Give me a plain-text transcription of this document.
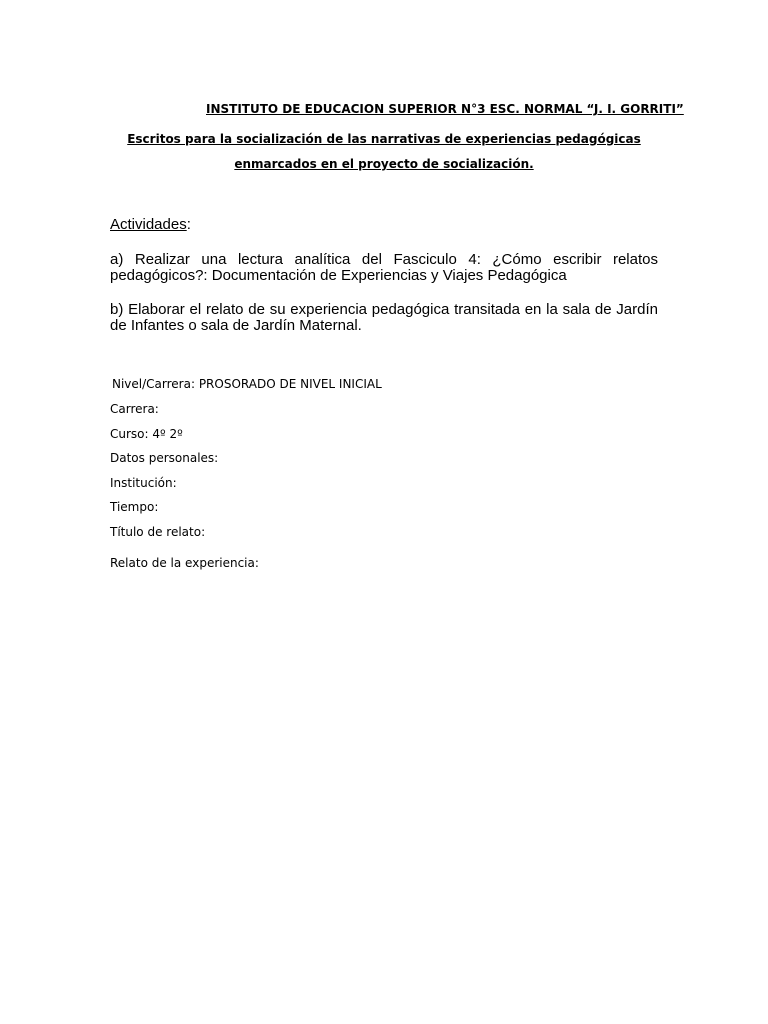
INSTITUTO DE EDUCACION SUPERIOR N°3 ESC. NORMAL “J. I. GORRITI”
Escritos para la socialización de las narrativas de experiencias pedagógicas enmarcados en el proyecto de socialización.
Actividades:
a) Realizar una lectura analítica del Fasciculo 4: ¿Cómo escribir relatos pedagógicos?: Documentación de Experiencias y Viajes Pedagógica
b) Elaborar el relato de su experiencia pedagógica transitada en la sala de Jardín de Infantes o sala de Jardín Maternal.
Nivel/Carrera: PROSORADO DE NIVEL INICIAL
Carrera:
Curso: 4º 2º
Datos personales:
Institución:
Tiempo:
Título de relato:
Relato de la experiencia:
